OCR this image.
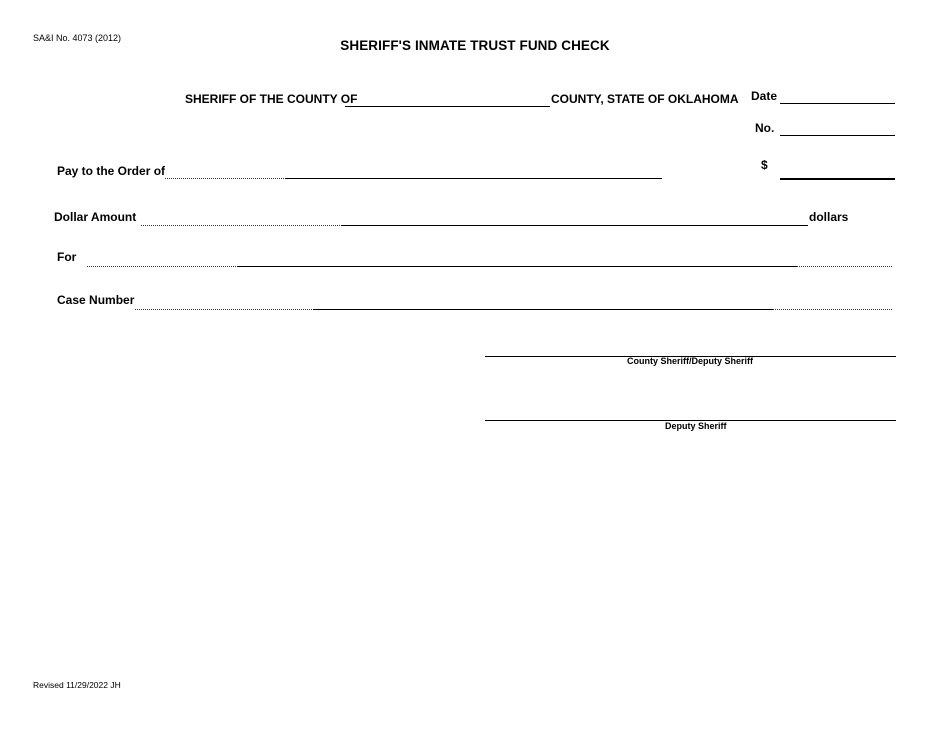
SA&I No. 4073 (2012)	SHERIFF'S INMATE TRUST FUND CHECK
SHERIFF OF THE COUNTY OF	COUNTY, STATE OF OKLAHOMA Date
No.
Pay to the Order of	$
Dollar Amount	dollars
For
Case Number
County Sheriff/Deputy Sheriff
Deputy Sheriff
Revised 11/29/2022 JH
